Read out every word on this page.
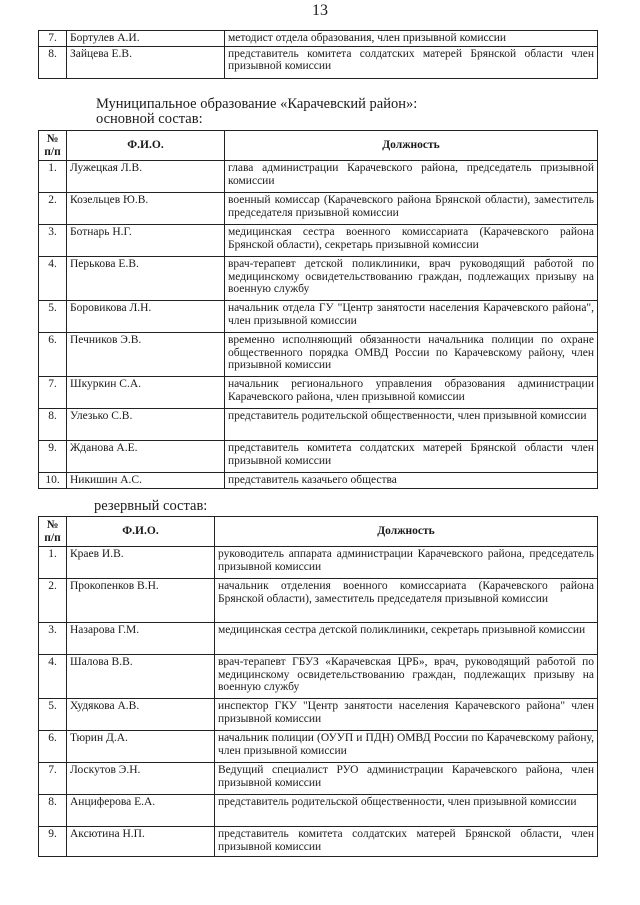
13
7.	Бортулев А.И.	методист отдела образования, член призывной комиссии
8.	Зайцева Е.В.	представитель комитета солдатских матерей Брянской области член призывной комиссии
Муниципальное образование «Карачевский район»:
основной состав:
№ п/п	Ф.И.О.	Должность
1.	Лужецкая Л.В.	глава администрации Карачевского района, председатель призывной комиссии
2.	Козельцев Ю.В.	военный комиссар (Карачевского района Брянской области), заместитель председателя призывной комиссии
3.	Ботнарь Н.Г.	медицинская сестра военного комиссариата (Карачевского района Брянской области), секретарь призывной комиссии
4.	Перькова Е.В.	врач-терапевт детской поликлиники, врач руководящий работой по медицинскому освидетельствованию граждан, подлежащих призыву на военную службу
5.	Боровикова Л.Н.	начальник отдела ГУ "Центр занятости населения Карачевского района", член призывной комиссии
6.	Печников Э.В.	временно исполняющий обязанности начальника полиции по охране общественного порядка ОМВД России по Карачевскому району, член призывной комиссии
7.	Шкуркин С.А.	начальник регионального управления образования администрации Карачевского района, член призывной комиссии
8.	Улезько С.В.	представитель родительской общественности, член призывной комиссии
9.	Жданова А.Е.	представитель комитета солдатских матерей Брянской области член призывной комиссии
10.	Никишин А.С.	представитель казачьего общества
резервный состав:
№ п/п	Ф.И.О.	Должность
1.	Краев И.В.	руководитель аппарата администрации Карачевского района, председатель призывной комиссии
2.	Прокопенков В.Н.	начальник отделения военного комиссариата (Карачевского района Брянской области), заместитель председателя призывной комиссии
3.	Назарова Г.М.	медицинская сестра детской поликлиники, секретарь призывной комиссии
4.	Шалова В.В.	врач-терапевт ГБУЗ «Карачевская ЦРБ», врач, руководящий работой по медицинскому освидетельствованию граждан, подлежащих призыву на военную службу
5.	Худякова А.В.	инспектор ГКУ "Центр занятости населения Карачевского района" член призывной комиссии
6.	Тюрин Д.А.	начальник полиции (ОУУП и ПДН) ОМВД России по Карачевскому району, член призывной комиссии
7.	Лоскутов Э.Н.	Ведущий специалист РУО администрации Карачевского района, член призывной комиссии
8.	Анциферова Е.А.	представитель родительской общественности, член призывной комиссии
9.	Аксютина Н.П.	представитель комитета солдатских матерей Брянской области, член призывной комиссии
